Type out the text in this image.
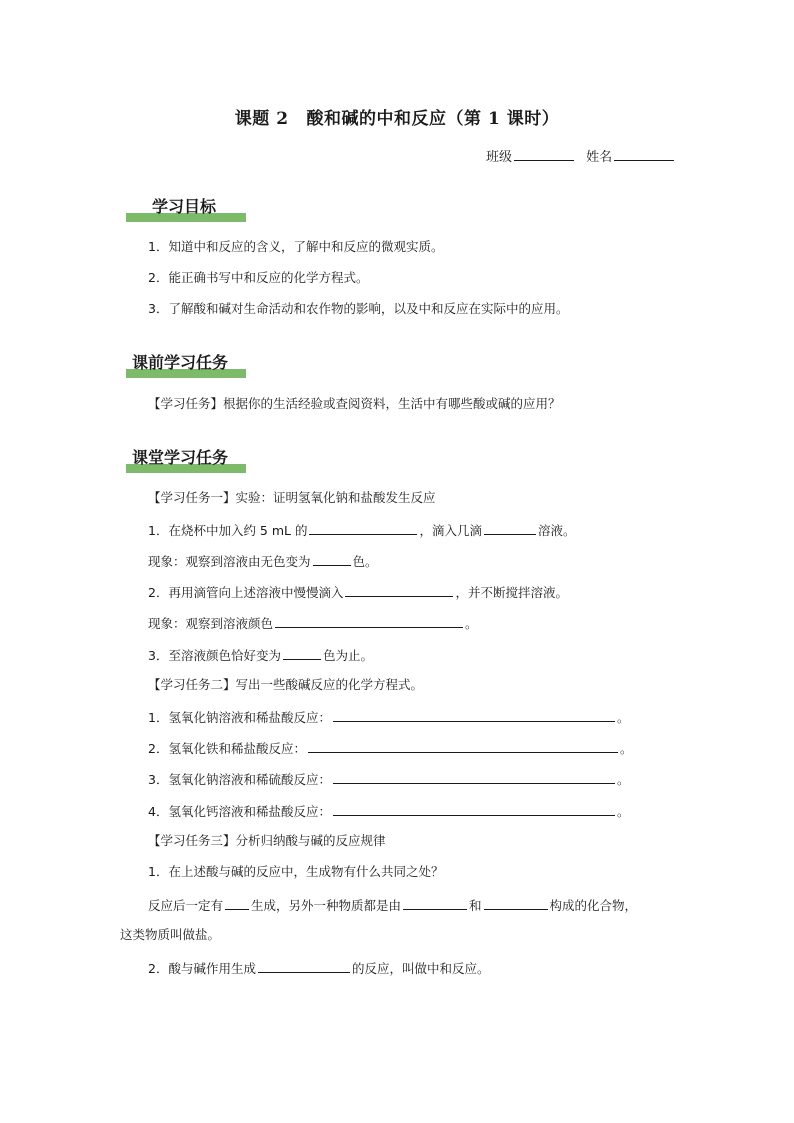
课题 2 酸和碱的中和反应（第 1 课时）
班级	姓名
学习目标
1．知道中和反应的含义，了解中和反应的微观实质。
2．能正确书写中和反应的化学方程式。
3．了解酸和碱对生命活动和农作物的影响，以及中和反应在实际中的应用。
课前学习任务
【学习任务】根据你的生活经验或查阅资料，生活中有哪些酸或碱的应用？
课堂学习任务
【学习任务一】实验：证明氢氧化钠和盐酸发生反应
1．在烧杯中加入约 5 mL 的	，滴入几滴	溶液。
现象：观察到溶液由无色变为	色。
2．再用滴管向上述溶液中慢慢滴入	，并不断搅拌溶液。
现象：观察到溶液颜色	。
3．至溶液颜色恰好变为	色为止。
【学习任务二】写出一些酸碱反应的化学方程式。
1．氢氧化钠溶液和稀盐酸反应：	。
2．氢氧化铁和稀盐酸反应：	。
3．氢氧化钠溶液和稀硫酸反应：	。
4．氢氧化钙溶液和稀盐酸反应：	。
【学习任务三】分析归纳酸与碱的反应规律
1．在上述酸与碱的反应中，生成物有什么共同之处？
反应后一定有 生成，另外一种物质都是由	和	构成的化合物，
这类物质叫做盐。
2．酸与碱作用生成	的反应，叫做中和反应。
